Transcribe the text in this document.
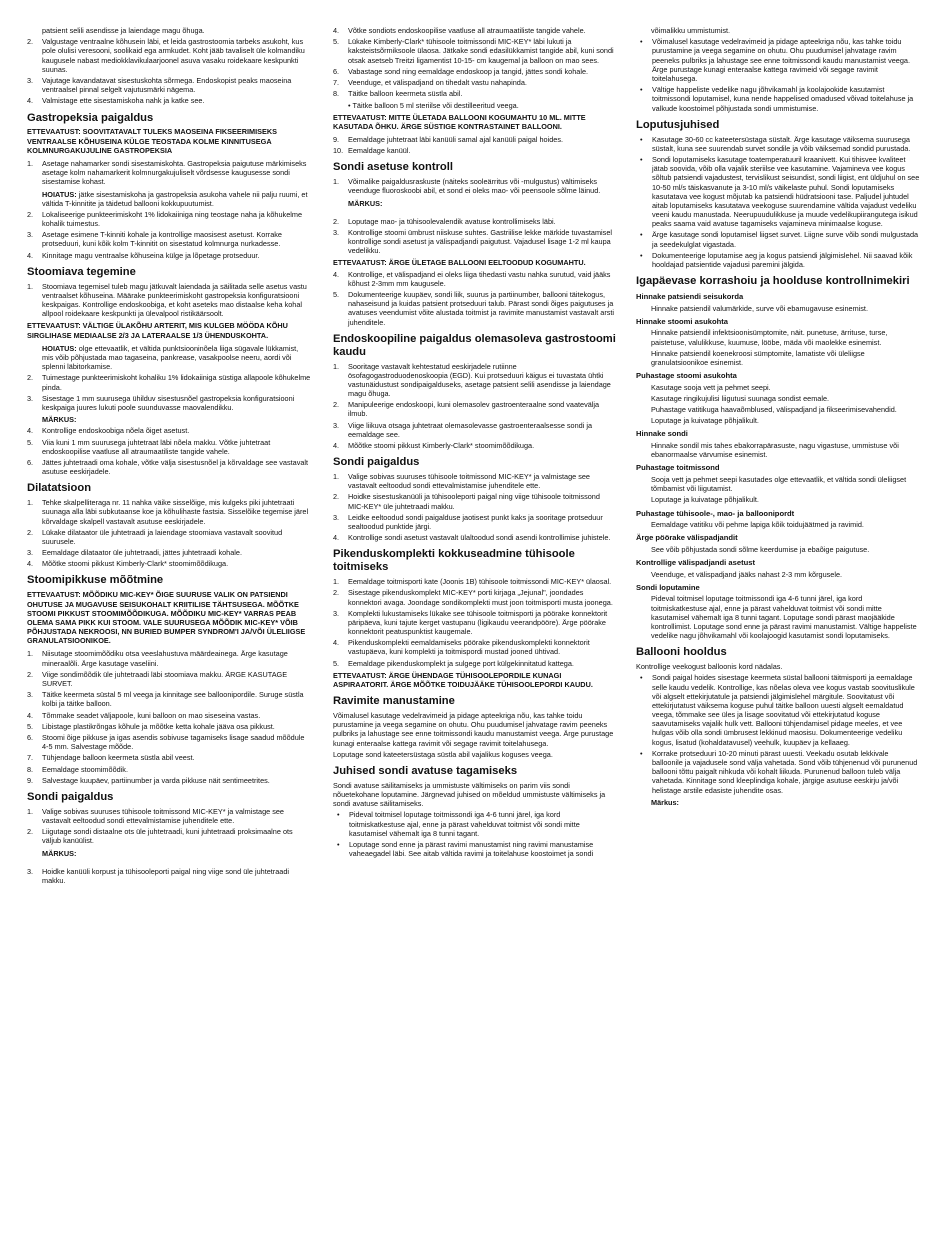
patsient selili asendisse ja laiendage magu õhuga.

2. Valgustage ventraalne kõhusein läbi, et leida gastrostoomia tarbeks asukoht, kus pole olulisi veresooni, soolikaid ega armkudet. Koht jääb tavaliselt üle kolmandiku kaugusele nabast mediokklavikulaarjoonel asuva vasaku roidekaare keskpunkti suunas.
3. Vajutage kavandatavat sisestuskohta sõrmega. Endoskopist peaks maoseina ventraalsel pinnal selgelt vajutusmärki nägema.
4. Valmistage ette sisestamiskoha nahk ja katke see.
Gastropeksia paigaldus

ETTEVAATUST: SOOVITATAVALT TULEKS MAOSEINA FIKSEERIMISEKS VENTRAALSE KÕHUSEINA KÜLGE TEOSTADA KOLME KINNITUSEGA KOLMNURGAKUJULINE GASTROPEKSIA

1. Asetage nahamarker sondi sisestamiskohta. Gastropeksia paigutuse märkimiseks asetage kolm nahamarkerit kolmnurgakujuliselt võrdsesse kaugusesse sondi sisestamise kohast.

HOIATUS: jätke sisestamiskoha ja gastropeksia asukoha vahele nii palju ruumi, et vältida T-kinnitite ja täidetud ballooni kokkupuutumist.

2. Lokaliseerige punkteerimiskoht 1% lidokaiiniga ning teostage naha ja kõhukelme kohalik tuimestus.
3. Asetage esimene T-kinniti kohale ja kontrollige maosisest asetust. Korrake protseduuri, kuni kõik kolm T-kinnitit on sisestatud kolmnurga nurkadesse.
4. Kinnitage magu ventraalse kõhuseina külge ja lõpetage protseduur.
Stoomiava tegemine
1. Stoomiava tegemisel tuleb magu jätkuvalt laiendada ja säilitada selle asetus vastu ventraalset kõhuseina. Määrake punkteerimiskoht gastropeksia konfiguratsiooni keskpaigas. Kontrollige endoskoobiga, et koht aseteks mao distaalse keha kohal allpool roidekaare keskpunkti ja ülevalpool ristikäärsoolt.

ETTEVAATUST: VÄLTIGE ÜLAKÕHU ARTERIT, MIS KULGEB MÖÖDA KÕHU SIRGLIHASE MEDIAALSE 2/3 JA LATERAALSE 1/3 ÜHENDUSKOHTA.

HOIATUS: olge ettevaatlik, et vältida punktsiooninõela liiga sügavale lükkamist, mis võib põhjustada mao tagaseina, pankrease, vasakpoolse neeru, aordi või splenni läbitorkamise.

2. Tuimestage punkteerimiskoht kohaliku 1% lidokaiiniga süstiga allapoole kõhukelme pinda.
3. Sisestage 1 mm suurusega ühilduv sisestusnõel gastropeksia konfiguratsiooni keskpaiga juures lukuti poole suunduvasse maovalendikku.

MÄRKUS:

4. Kontrollige endoskoobiga nõela õiget asetust.
5. Viia kuni 1 mm suurusega juhtetraat läbi nõela makku. Võtke juhtetraat endoskoopilise vaatluse all atraumaatiliste tangide vahele.
6. Jättes juhtetraadi oma kohale, võtke välja sisestusnõel ja kõrvaldage see vastavalt asutuse eeskirjadele.
Dilatatsioon
1. Tehke skalpelliteraga nr. 11 nahka väike sisselõige, mis kulgeks piki juhtetraati suunaga alla läbi subkutaanse koe ja kõhulihaste fastsia. Sisselõike tegemise järel kõrvaldage skalpell vastavalt asutuse eeskirjadele.
2. Lükake dilataator üle juhtetraadi ja laiendage stoomiava vastavalt soovitud suurusele.
3. Eemaldage dilataator üle juhtetraadi, jättes juhtetraadi kohale.
4. Mõõtke stoomi pikkust Kimberly-Clark* stoomimõõdikuga.
Stoomipikkuse mõõtmine

ETTEVAATUST: MÕÕDIKU MIC-KEY* ÕIGE SUURUSE VALIK ON PATSIENDI OHUTUSE JA MUGAVUSE SEISUKOHALT KRIITILISE TÄHTSUSEGA. MÕÕTKE STOOMI PIKKUST STOOMIMÕÕDIKUGA. MÕÕDIKU MIC-KEY* VARRAS PEAB OLEMA SAMA PIKK KUI STOOM. VALE SUURUSEGA MÕÕDIK MIC-KEY* VÕIB PÕHJUSTADA NEKROOSI, NN BURIED BUMPER SYNDROM'I JA/VÕI ÜLELIIGSE GRANULATSIOONIKOE.

1. Niisutage stoomimõõdiku otsa veeslahustuva määrdeainega. Ärge kasutage mineraalõli. Ärge kasutage vaseliini.
2. Viige sondimõõdik üle juhtetraadi läbi stoomiava makku. ÄRGE KASUTAGE SURVET.
3. Täitke keermeta süstal 5 ml veega ja kinnitage see balloonipordile. Suruge süstla kolbi ja täitke balloon.
4. Tõmmake seadet väljapoole, kuni balloon on mao siseseina vastas.
5. Libistage plastikrõngas kõhule ja mõõtke ketta kohale jääva osa pikkust.
6. Stoomi õige pikkuse ja igas asendis sobivuse tagamiseks lisage saadud mõõdule 4-5 mm. Salvestage mõõde.
7. Tühjendage balloon keermeta süstla abil veest.
8. Eemaldage stoomimõõdik.
9. Salvestage kuupäev, partiinumber ja varda pikkuse näit sentimeetrites.
Sondi paigaldus
1. Valige sobivas suuruses tühisoole toitmissond MIC-KEY* ja valmistage see vastavalt eeltoodud sondi ettevalmistamise juhenditele ette.
2. Liigutage sondi distaalne ots üle juhtetraadi, kuni juhtetraadi proksimaalne ots väljub kanüülist.

MÄRKUS:

3. Hoidke kanüüli korpust ja tühisooleporti paigal ning viige sond üle juhtetraadi makku.
4. Võtke sondiots endoskoopilise vaatluse all atraumaatiliste tangide vahele.
5. Lükake Kimberly-Clark* tühisoole toitmissondi MIC-KEY* läbi lukuti ja kaksteistsõrmiksoole ülaosa. Jätkake sondi edasilükkamist tangide abil, kuni sondi otsak asetseb Treitzi ligamentist 10-15- cm kaugemal ja balloon on mao sees.
6. Vabastage sond ning eemaldage endoskoop ja tangid, jättes sondi kohale.
7. Veenduge, et välispadjand on tihedalt vastu nahapinda.
8. Täitke balloon keermeta süstla abil.

• Täitke balloon 5 ml steriilse või destilleeritud veega.

ETTEVAATUST: MITTE ÜLETADA BALLOONI KOGUMAHTU 10 ML. MITTE KASUTADA ÕHKU. ÄRGE SÜSTIGE KONTRASTAINET BALLOONI.

9. Eemaldage juhtetraat läbi kanüüli samal ajal kanüüli paigal hoides.
10. Eemaldage kanüül.
Sondi asetuse kontroll
1. Võimalike paigaldusraskuste (näiteks sooleärritus või -mulgustus) vältimiseks veenduge fluoroskoobi abil, et sond ei oleks mao- või peensoole sõlme läinud.

MÄRKUS:

2. Loputage mao- ja tühisoolevalendik avatuse kontrollimiseks läbi.
3. Kontrollige stoomi ümbrust niiskuse suhtes. Gastriilise lekke märkide tuvastamisel kontrollige sondi asetust ja välispadjandi paigutust. Vajadusel lisage 1-2 ml kaupa vedelikku.

ETTEVAATUST: ÄRGE ÜLETAGE BALLOONI EELTOODUD KOGUMAHTU.

4. Kontrollige, et välispadjand ei oleks liiga tihedasti vastu nahka surutud, vaid jääks kõhust 2-3mm mm kaugusele.
5. Dokumenteerige kuupäev, sondi liik, suurus ja partiinumber, ballooni täitekogus, nahaseisund ja kuidas patsient protseduuri talub. Pärast sondi õiges paigutuses ja avatuses veendumist võite alustada toitmist ja ravimite manustamist vastavalt arsti juhenditele.
Endoskoopiline paigaldus olemasoleva gastrostoomi kaudu
1. Sooritage vastavalt kehtestatud eeskirjadele rutiinne ösofagogastroduodenoskoopia (EGD). Kui protseduuri käigus ei tuvastata ühtki vastunäidustust sondipaigalduseks, asetage patsient selili asendisse ja laiendage magu õhuga.
2. Manipuleerige endoskoopi, kuni olemasolev gastroenteraalne sond vaatevälja ilmub.
3. Viige liikuva otsaga juhtetraat olemasolevasse gastroenteraalsesse sondi ja eemaldage see.
4. Mõõtke stoomi pikkust Kimberly-Clark* stoomimõõdikuga.
Sondi paigaldus
1. Valige sobivas suuruses tühisoole toitmissond MIC-KEY* ja valmistage see vastavalt eeltoodud sondi ettevalmistamise juhenditele ette.
2. Hoidke sisestuskanüüli ja tühisooleporti paigal ning viige tühisoole toitmissond MIC-KEY* üle juhtetraadi makku.
3. Leidke eeltoodud sondi paigalduse jaotisest punkt kaks ja sooritage protseduur sealtoodud punktide järgi.
4. Kontrollige sondi asetust vastavalt ülaltoodud sondi asendi kontrollimise juhistele.
Pikenduskomplekti kokkuseadmine tühisoole toitmiseks
1. Eemaldage toitmisporti kate (Joonis 1B) tühisoole toitmissondi MIC-KEY* ülaosal.
2. Sisestage pikenduskomplekt MIC-KEY* porti kirjaga „Jejunal", joondades konnektori avaga. Joondage sondikomplekti must joon toitmisporti musta joonega.
3. Komplekti lukustamiseks lükake see tühisoole toitmisporti ja pöörake konnektorit päripäeva, kuni tajute kerget vastupanu (ligikaudu veerandpööre). Ärge pöörake konnektorit peatuspunktist kaugemale.
4. Pikenduskomplekti eemaldamiseks pöörake pikenduskomplekti konnektorit vastupäeva, kuni komplekti ja toitmispordi mustad jooned ühtivad.
5. Eemaldage pikenduskomplekt ja sulgege port külgekinnitatud kattega.

ETTEVAATUST: ÄRGE ÜHENDAGE TÜHISOOLEPORDILE KUNAGI ASPIRAATORIT. ÄRGE MÕÕTKE TOIDUJÄÄKE TÜHISOOLEPORDI KAUDU.

Ravimite manustamine

Võimalusel kasutage vedelravimeid ja pidage apteekriga nõu, kas tahke toidu purustamine ja veega segamine on ohutu. Ohu puudumisel jahvatage ravim peeneks pulbriks ja lahustage see enne toitmissondi kaudu manustamist veega. Ärge purustage kunagi enteraalse kattega ravimit või segage ravimit toitelahusega.

Loputage sond kateetersüstaga süstla abil vajalikus koguses veega.

Juhised sondi avatuse tagamiseks

Sondi avatuse säilitamiseks ja ummistuste vältimiseks on parim viis sondi nõuetekohane loputamine. Järgnevad juhised on mõeldud ummistuste vältimiseks ja sondi avatuse säilitamiseks.

• Pideval toitmisel loputage toitmissondi iga 4-6 tunni järel, iga kord toitmiskatkestuse ajal, enne ja pärast vahelduvat toitmist või sondi mitte kasutamisel vähemalt iga 8 tunni tagant.
• Loputage sond enne ja pärast ravimi manustamist ning ravimi manustamise vaheaegadel läbi. See aitab vältida ravimi ja toitelahuse koostoimet ja sondi

võimalikku ummistumist.

• Võimalusel kasutage vedelravimeid ja pidage apteekriga nõu, kas tahke toidu purustamine ja veega segamine on ohutu. Ohu puudumisel jahvatage ravim peeneks pulbriks ja lahustage see enne toitmissondi kaudu manustamist veega. Ärge purustage kunagi enteraalse kattega ravimeid või segage ravimit toitelahusega.
• Vältige happeliste vedelike nagu jõhvikamahl ja koolajookide kasutamist toitmissondi loputamisel, kuna nende happelised omadused võivad toitelahuse ja valkude koostoimel põhjustada sondi ummistumise.
Loputusjuhised
• Kasutage 30-60 cc kateetersüstaga süstalt. Ärge kasutage väiksema suurusega süstalt, kuna see suurendab survet sondile ja võib väiksemad sondid purustada.
• Sondi loputamiseks kasutage toatemperatuuril kraanivett. Kui tihisvee kvaliteet jätab soovida, võib olla vajalik steriilse vee kasutamine. Vajamineva vee kogus sõltub patsiendi vajadustest, tervislikust seisundist, sondi liigist, ent üldjuhul on see 10-50 ml/s täiskasvanute ja 3-10 ml/s väikelaste puhul. Sondi loputamiseks kasutatava vee kogust mõjutab ka patsiendi hüdratsiooni tase. Paljudel juhtudel aitab loputamiseks kasutatava veekoguse suurendamine vältida vajadust vedeliku veeni kaudu manustada. Neerupuudulikkuse ja muude vedelikupiirangutega isikud peaks saama vaid avatuse tagamiseks vajamineva minimaalse koguse.
• Ärge kasutage sondi loputamisel liigset survet. Liigne surve võib sondi mulgustada ja seedekulglat vigastada.
• Dokumenteerige loputamise aeg ja kogus patsiendi jälgimislehel. Nii saavad kõik hooldajad patsientide vajadusi paremini jälgida.
Igapäevase korrashoiu ja hoolduse kontrollnimekiri
Hinnake patsiendi seisukorda

Hinnake patsiendil valumärkide, surve või ebamugavuse esinemist.

Hinnake stoomi asukohta

Hinnake patsiendil infektsioonisümptomite, näit. punetuse, ärrituse, turse, paistetuse, valulikkuse, kuumuse, lööbe, mäda või maolekke esinemist.

Hinnake patsiendil koenekroosi sümptomite, lamatiste või üleliigse granulatsioonikoe esinemist.

Puhastage stoomi asukohta

Kasutage sooja vett ja pehmet seepi.

Kasutage ringikujulisi liigutusi suunaga sondist eemale.

Puhastage vatitikuga haavaõmblused, välispadjand ja fikseerimisevahendid.

Loputage ja kuivatage põhjalikult.

Hinnake sondi

Hinnake sondil mis tahes ebakorrapärasuste, nagu vigastuse, ummistuse või ebanormaalse värvumise esinemist.

Puhastage toitmissond

Sooja vett ja pehmet seepi kasutades olge ettevaatlik, et vältida sondi üleliigset tõmbamist või liigutamist.

Loputage ja kuivatage põhjalikult.

Puhastage tühisoole-, mao- ja balloonipordt

Eemaldage vatitiku või pehme lapiga kõik toidujäätmed ja ravimid.

Ärge pöörake välispadjandit

See võib põhjustada sondi sõlme keerdumise ja ebaõige paigutuse.

Kontrollige välispadjandi asetust

Veenduge, et välispadjand jääks nahast 2-3 mm kõrgusele.

Sondi loputamine

Pideval toitmisel loputage toitmissondi iga 4-6 tunni järel, iga kord toitmiskatkestuse ajal, enne ja pärast vahelduvat toitmist või sondi mitte kasutamisel vähemalt iga 8 tunni tagant. Loputage sondi pärast maojääkide kontrollimist. Loputage sond enne ja pärast ravimi manustamist. Vältige happeliste vedelike nagu jõhvikamahl või koolajoogid kasutamist sondi loputamiseks.

Ballooni hooldus

Kontrollige veekogust balloonis kord nädalas.

• Sondi paigal hoides sisestage keermeta süstal ballooni täitmisporti ja eemaldage selle kaudu vedelik. Kontrollige, kas nõelas oleva vee kogus vastab soovituslikule või algselt ettekirjutatule ja patsiendi jälgimislehel märgitule. Soovitatust või ettekirjutatust väiksema koguse puhul täitke balloon uuesti algselt eemaldatud veega, tõmmake see üles ja lisage soovitatud või ettekirjutatud koguse saavutamiseks vajalik hulk vett. Ballooni tühjendamisel pidage meeles, et vee hulgas võib olla sondi ümbrusest lekkinud maosisu. Dokumenteerige vedeliku kogus, lisatud (kohaldatavusel) veehulk, kuupäev ja kellaaeg.
• Korrake protseduuri 10-20 minuti pärast uuesti. Veekadu osutab lekkivale balloonile ja vajadusele sond välja vahetada. Sond võib tühjenenud või purunenud ballooni tõttu paigalt nihkuda või kohalt liikuda. Purunenud balloon tuleb välja vahetada. Kinnitage sond kleeplindiga kohale, järgige asutuse eeskirju ja/või helistage arstile edasiste juhendite osas.

Märkus:
